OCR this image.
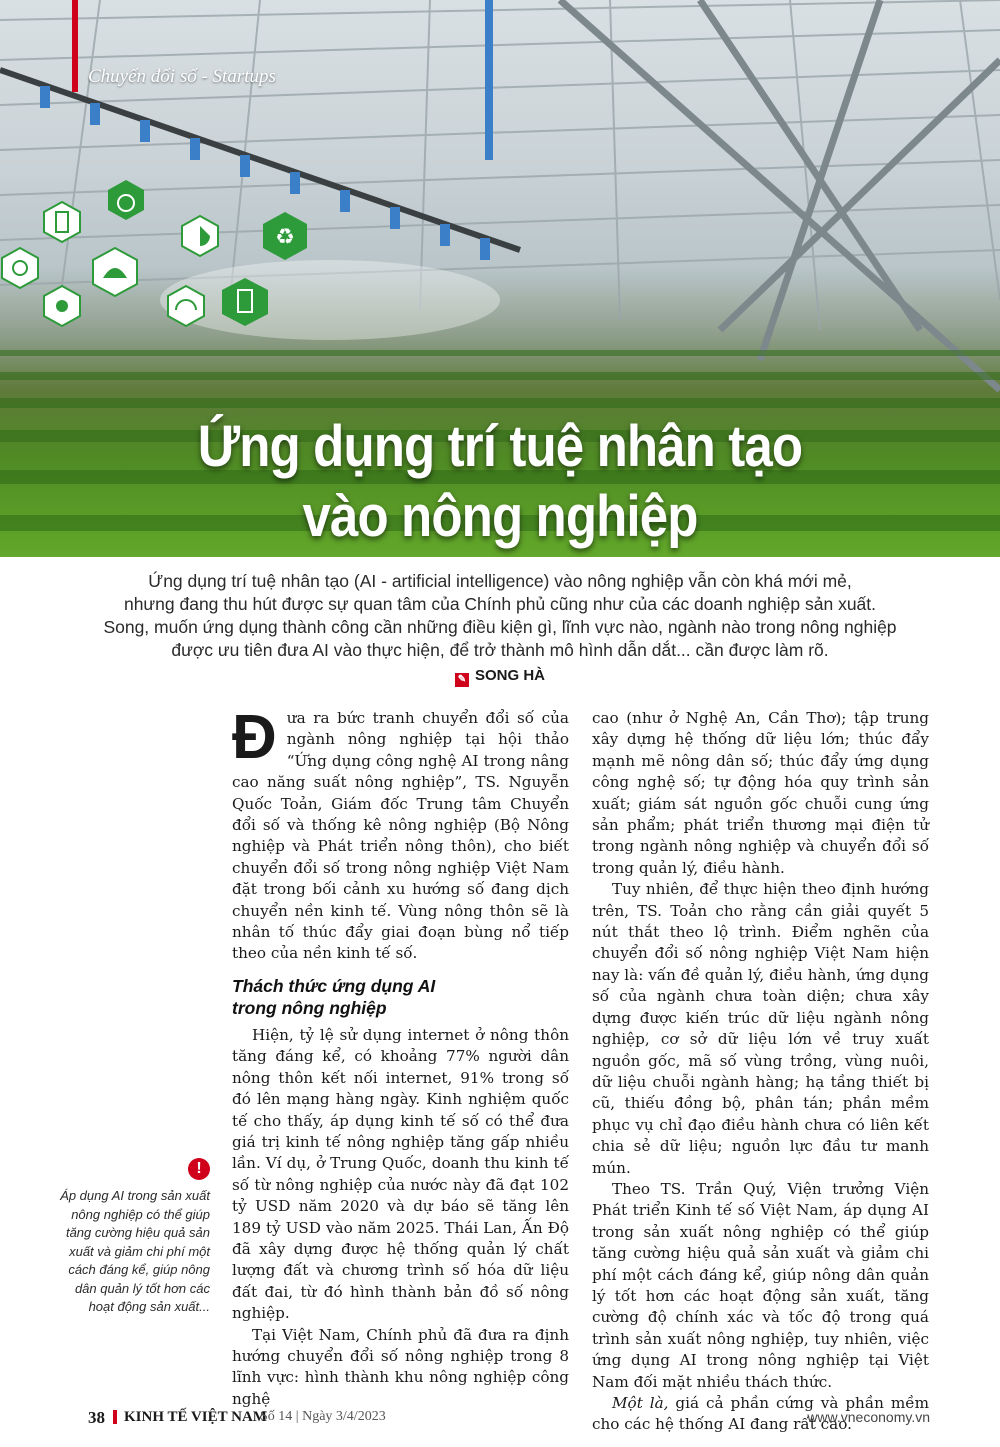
♻
Chuyển đổi số - Startups
Ứng dụng trí tuệ nhân tạo
vào nông nghiệp
Ứng dụng trí tuệ nhân tạo (AI - artificial intelligence) vào nông nghiệp vẫn còn khá mới mẻ,
nhưng đang thu hút được sự quan tâm của Chính phủ cũng như của các doanh nghiệp sản xuất.
Song, muốn ứng dụng thành công cần những điều kiện gì, lĩnh vực nào, ngành nào trong nông nghiệp
được ưu tiên đưa AI vào thực hiện, để trở thành mô hình dẫn dắt... cần được làm rõ.
✎ SONG HÀ

Đưa ra bức tranh chuyển đổi số của ngành nông nghiệp tại hội thảo “Ứng dụng công nghệ AI trong nâng cao năng suất nông nghiệp”, TS. Nguyễn Quốc Toản, Giám đốc Trung tâm Chuyển đổi số và thống kê nông nghiệp (Bộ Nông nghiệp và Phát triển nông thôn), cho biết chuyển đổi số trong nông nghiệp Việt Nam đặt trong bối cảnh xu hướng số đang dịch chuyển nền kinh tế. Vùng nông thôn sẽ là nhân tố thúc đẩy giai đoạn bùng nổ tiếp theo của nền kinh tế số.

Thách thức ứng dụng AI
trong nông nghiệp

Hiện, tỷ lệ sử dụng internet ở nông thôn tăng đáng kể, có khoảng 77% người dân nông thôn kết nối internet, 91% trong số đó lên mạng hàng ngày. Kinh nghiệm quốc tế cho thấy, áp dụng kinh tế số có thể đưa giá trị kinh tế nông nghiệp tăng gấp nhiều lần. Ví dụ, ở Trung Quốc, doanh thu kinh tế số từ nông nghiệp của nước này đã đạt 102 tỷ USD năm 2020 và dự báo sẽ tăng lên 189 tỷ USD vào năm 2025. Thái Lan, Ấn Độ đã xây dựng được hệ thống quản lý chất lượng đất và chương trình số hóa dữ liệu đất đai, từ đó hình thành bản đồ số nông nghiệp.

Tại Việt Nam, Chính phủ đã đưa ra định hướng chuyển đổi số nông nghiệp trong 8 lĩnh vực: hình thành khu nông nghiệp công nghệ

cao (như ở Nghệ An, Cần Thơ); tập trung xây dựng hệ thống dữ liệu lớn; thúc đẩy mạnh mẽ nông dân số; thúc đẩy ứng dụng công nghệ số; tự động hóa quy trình sản xuất; giám sát nguồn gốc chuỗi cung ứng sản phẩm; phát triển thương mại điện tử trong ngành nông nghiệp và chuyển đổi số trong quản lý, điều hành.

Tuy nhiên, để thực hiện theo định hướng trên, TS. Toản cho rằng cần giải quyết 5 nút thắt theo lộ trình. Điểm nghẽn của chuyển đổi số nông nghiệp Việt Nam hiện nay là: vấn đề quản lý, điều hành, ứng dụng số của ngành chưa toàn diện; chưa xây dựng được kiến trúc dữ liệu ngành nông nghiệp, cơ sở dữ liệu lớn về truy xuất nguồn gốc, mã số vùng trồng, vùng nuôi, dữ liệu chuỗi ngành hàng; hạ tầng thiết bị cũ, thiếu đồng bộ, phân tán; phần mềm phục vụ chỉ đạo điều hành chưa có liên kết chia sẻ dữ liệu; nguồn lực đầu tư manh mún.

Theo TS. Trần Quý, Viện trưởng Viện Phát triển Kinh tế số Việt Nam, áp dụng AI trong sản xuất nông nghiệp có thể giúp tăng cường hiệu quả sản xuất và giảm chi phí một cách đáng kể, giúp nông dân quản lý tốt hơn các hoạt động sản xuất, tăng cường độ chính xác và tốc độ trong quá trình sản xuất nông nghiệp, tuy nhiên, việc ứng dụng AI trong nông nghiệp tại Việt Nam đối mặt nhiều thách thức.

Một là, giá cả phần cứng và phần mềm cho các hệ thống AI đang rất cao.

!
Áp dụng AI trong sản xuất nông nghiệp có thể giúp tăng cường hiệu quả sản xuất và giảm chi phí một cách đáng kể, giúp nông dân quản lý tốt hơn các hoạt động sản xuất...
38 KINH TẾ VIỆT NAM
Số 14 | Ngày 3/4/2023	www.vneconomy.vn
